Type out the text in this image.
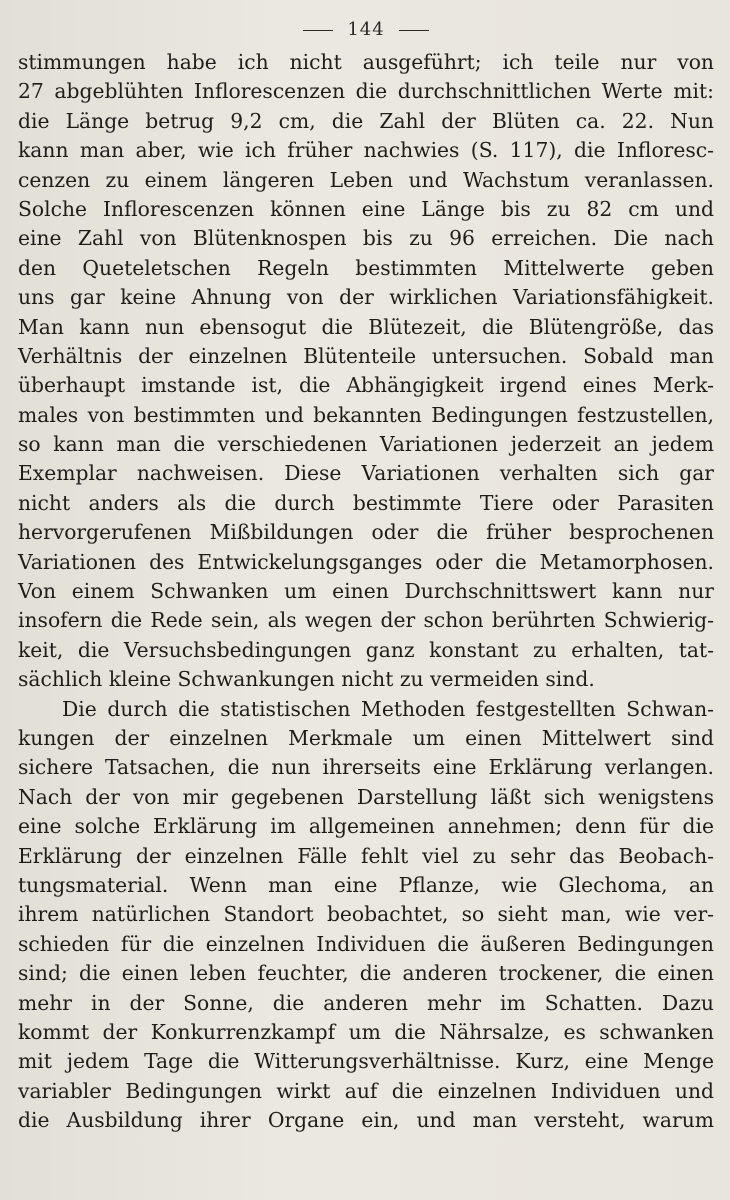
144
stimmungen habe ich nicht ausgeführt; ich teile nur von
27 abgeblühten Inflorescenzen die durchschnittlichen Werte mit:
die Länge betrug 9,2 cm, die Zahl der Blüten ca. 22. Nun
kann man aber, wie ich früher nachwies (S. 117), die Infloresc-
cenzen zu einem längeren Leben und Wachstum veranlassen.
Solche Inflorescenzen können eine Länge bis zu 82 cm und
eine Zahl von Blütenknospen bis zu 96 erreichen. Die nach
den Queteletschen Regeln bestimmten Mittelwerte geben
uns gar keine Ahnung von der wirklichen Variationsfähigkeit.
Man kann nun ebensogut die Blütezeit, die Blütengröße, das
Verhältnis der einzelnen Blütenteile untersuchen. Sobald man
überhaupt imstande ist, die Abhängigkeit irgend eines Merk-
males von bestimmten und bekannten Bedingungen festzustellen,
so kann man die verschiedenen Variationen jederzeit an jedem
Exemplar nachweisen. Diese Variationen verhalten sich gar
nicht anders als die durch bestimmte Tiere oder Parasiten
hervorgerufenen Mißbildungen oder die früher besprochenen
Variationen des Entwickelungsganges oder die Metamorphosen.
Von einem Schwanken um einen Durchschnittswert kann nur
insofern die Rede sein, als wegen der schon berührten Schwierig-
keit, die Versuchsbedingungen ganz konstant zu erhalten, tat-
sächlich kleine Schwankungen nicht zu vermeiden sind.
Die durch die statistischen Methoden festgestellten Schwan-
kungen der einzelnen Merkmale um einen Mittelwert sind
sichere Tatsachen, die nun ihrerseits eine Erklärung verlangen.
Nach der von mir gegebenen Darstellung läßt sich wenigstens
eine solche Erklärung im allgemeinen annehmen; denn für die
Erklärung der einzelnen Fälle fehlt viel zu sehr das Beobach-
tungsmaterial. Wenn man eine Pflanze, wie Glechoma, an
ihrem natürlichen Standort beobachtet, so sieht man, wie ver-
schieden für die einzelnen Individuen die äußeren Bedingungen
sind; die einen leben feuchter, die anderen trockener, die einen
mehr in der Sonne, die anderen mehr im Schatten. Dazu
kommt der Konkurrenzkampf um die Nährsalze, es schwanken
mit jedem Tage die Witterungsverhältnisse. Kurz, eine Menge
variabler Bedingungen wirkt auf die einzelnen Individuen und
die Ausbildung ihrer Organe ein, und man versteht, warum
